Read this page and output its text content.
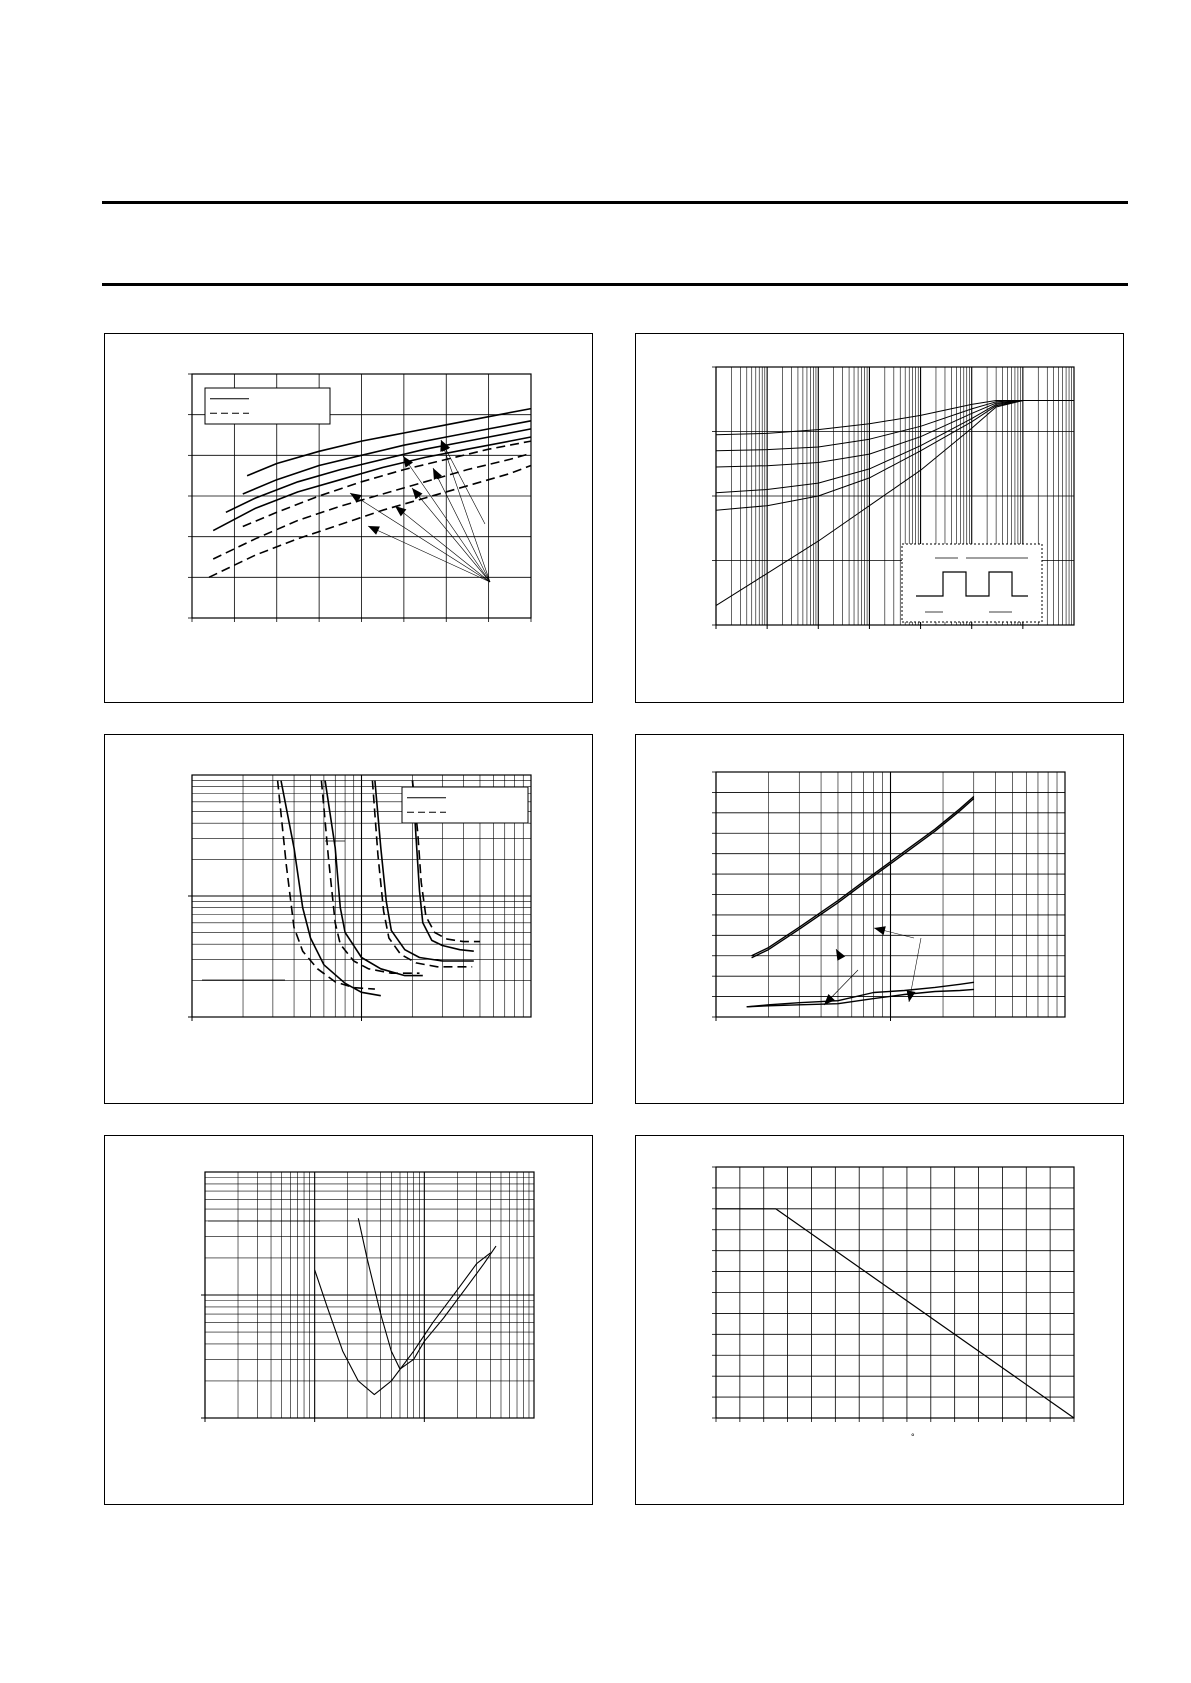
°
